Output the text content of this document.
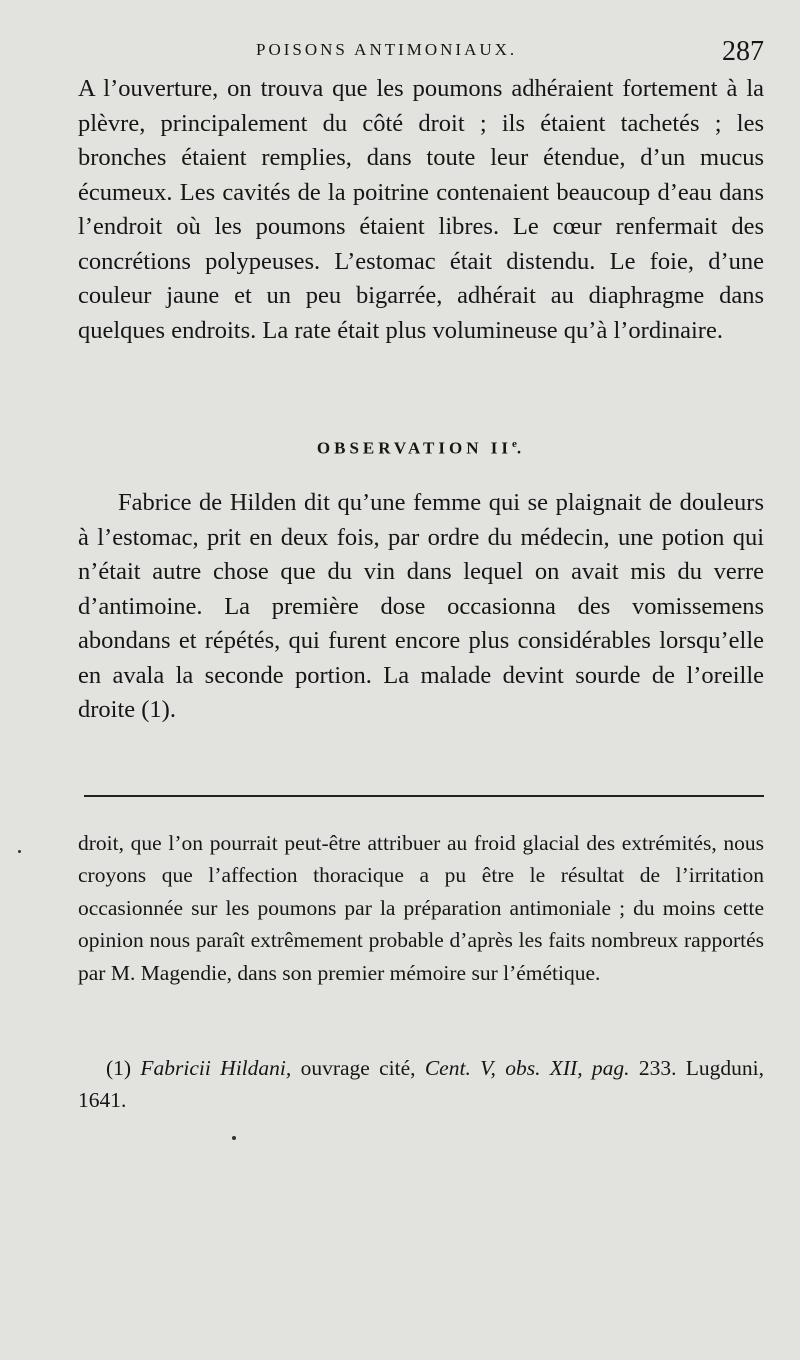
POISONS ANTIMONIAUX.	287

A l’ouverture, on trouva que les poumons adhéraient fortement à la plèvre, principalement du côté droit ; ils étaient tachetés ; les bronches étaient remplies, dans toute leur étendue, d’un mucus écumeux. Les cavités de la poitrine contenaient beaucoup d’eau dans l’endroit où les poumons étaient libres. Le cœur renfermait des concrétions polypeuses. L’estomac était distendu. Le foie, d’une couleur jaune et un peu bigarrée, adhérait au diaphragme dans quelques endroits. La rate était plus volumineuse qu’à l’ordinaire.

OBSERVATION IIe.

Fabrice de Hilden dit qu’une femme qui se plaignait de douleurs à l’estomac, prit en deux fois, par ordre du médecin, une potion qui n’était autre chose que du vin dans lequel on avait mis du verre d’antimoine. La première dose occasionna des vomissemens abondans et répétés, qui furent encore plus considérables lorsqu’elle en avala la seconde portion. La malade devint sourde de l’oreille droite (1).

droit, que l’on pourrait peut-être attribuer au froid glacial des extrémités, nous croyons que l’affection thoracique a pu être le résultat de l’irritation occasionnée sur les poumons par la préparation antimoniale ; du moins cette opinion nous paraît extrêmement probable d’après les faits nombreux rapportés par M. Magendie, dans son premier mémoire sur l’émétique.

(1) Fabricii Hildani, ouvrage cité, Cent. V, obs. XII, pag. 233. Lugduni, 1641.
